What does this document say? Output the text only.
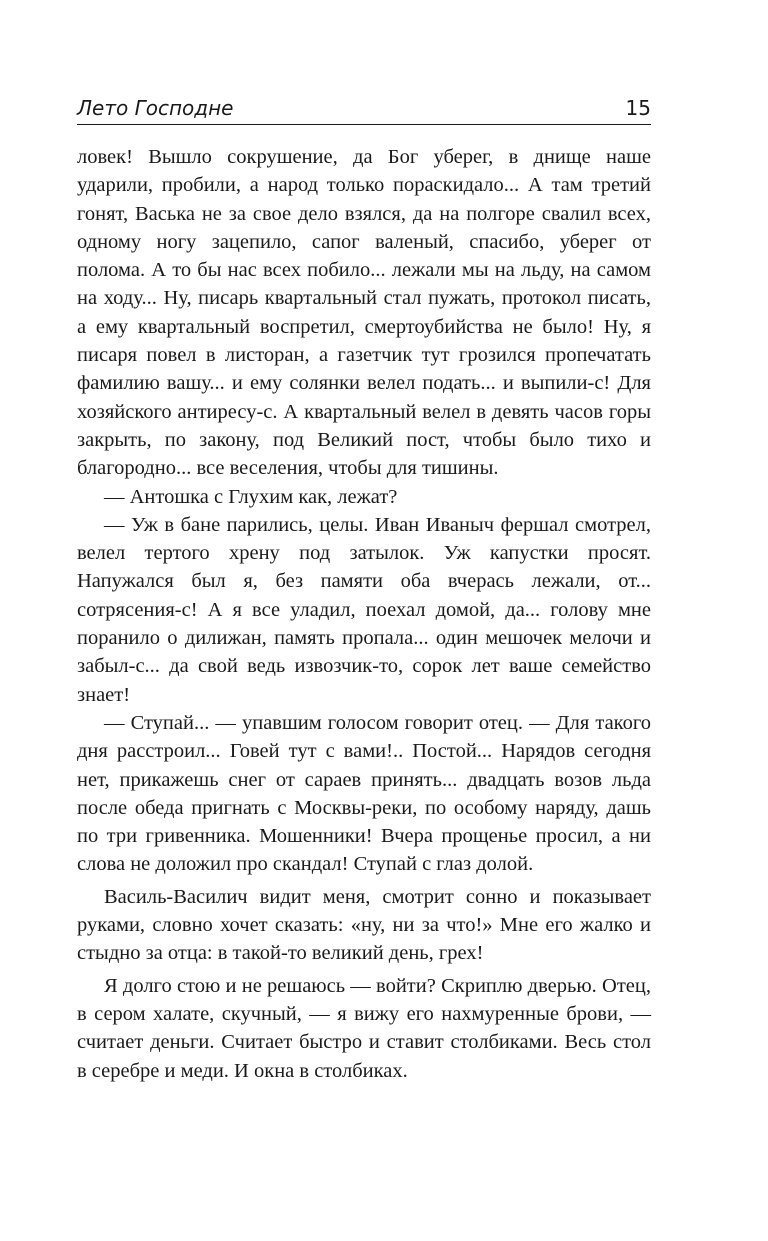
Лето Господне	15

ловек! Вышло сокрушение, да Бог уберег, в днище наше ударили, пробили, а народ только пораскидало... А там третий гонят, Васька не за свое дело взялся, да на полгоре свалил всех, одному ногу зацепило, сапог валеный, спасибо, уберег от полома. А то бы нас всех побило... лежали мы на льду, на самом на ходу... Ну, писарь квартальный стал пужать, протокол писать, а ему квартальный воспретил, смертоубийства не было! Ну, я писаря повел в листоран, а газетчик тут грозился пропечатать фамилию вашу... и ему солянки велел подать... и выпили-с! Для хозяйского антиресу-с. А квартальный велел в девять часов горы закрыть, по закону, под Великий пост, чтобы было тихо и благородно... все веселения, чтобы для тишины.

— Антошка с Глухим как, лежат?

— Уж в бане парились, целы. Иван Иваныч фершал смотрел, велел тертого хрену под затылок. Уж капустки просят. Напужался был я, без памяти оба вчерась лежали, от... сотрясения-с! А я все уладил, поехал домой, да... голову мне поранило о дилижан, память пропала... один мешочек мелочи и забыл-с... да свой ведь извозчик-то, сорок лет ваше семейство знает!

— Ступай... — упавшим голосом говорит отец. — Для такого дня расстроил... Говей тут с вами!.. Постой... Нарядов сегодня нет, прикажешь снег от сараев принять... двадцать возов льда после обеда пригнать с Москвы-реки, по особому наряду, дашь по три гривенника. Мошенники! Вчера прощенье просил, а ни слова не доложил про скандал! Ступай с глаз долой.

Василь-Василич видит меня, смотрит сонно и показывает руками, словно хочет сказать: «ну, ни за что!» Мне его жалко и стыдно за отца: в такой-то великий день, грех!

Я долго стою и не решаюсь — войти? Скриплю дверью. Отец, в сером халате, скучный, — я вижу его нахмуренные брови, — считает деньги. Считает быстро и ставит столбиками. Весь стол в серебре и меди. И окна в столбиках.
